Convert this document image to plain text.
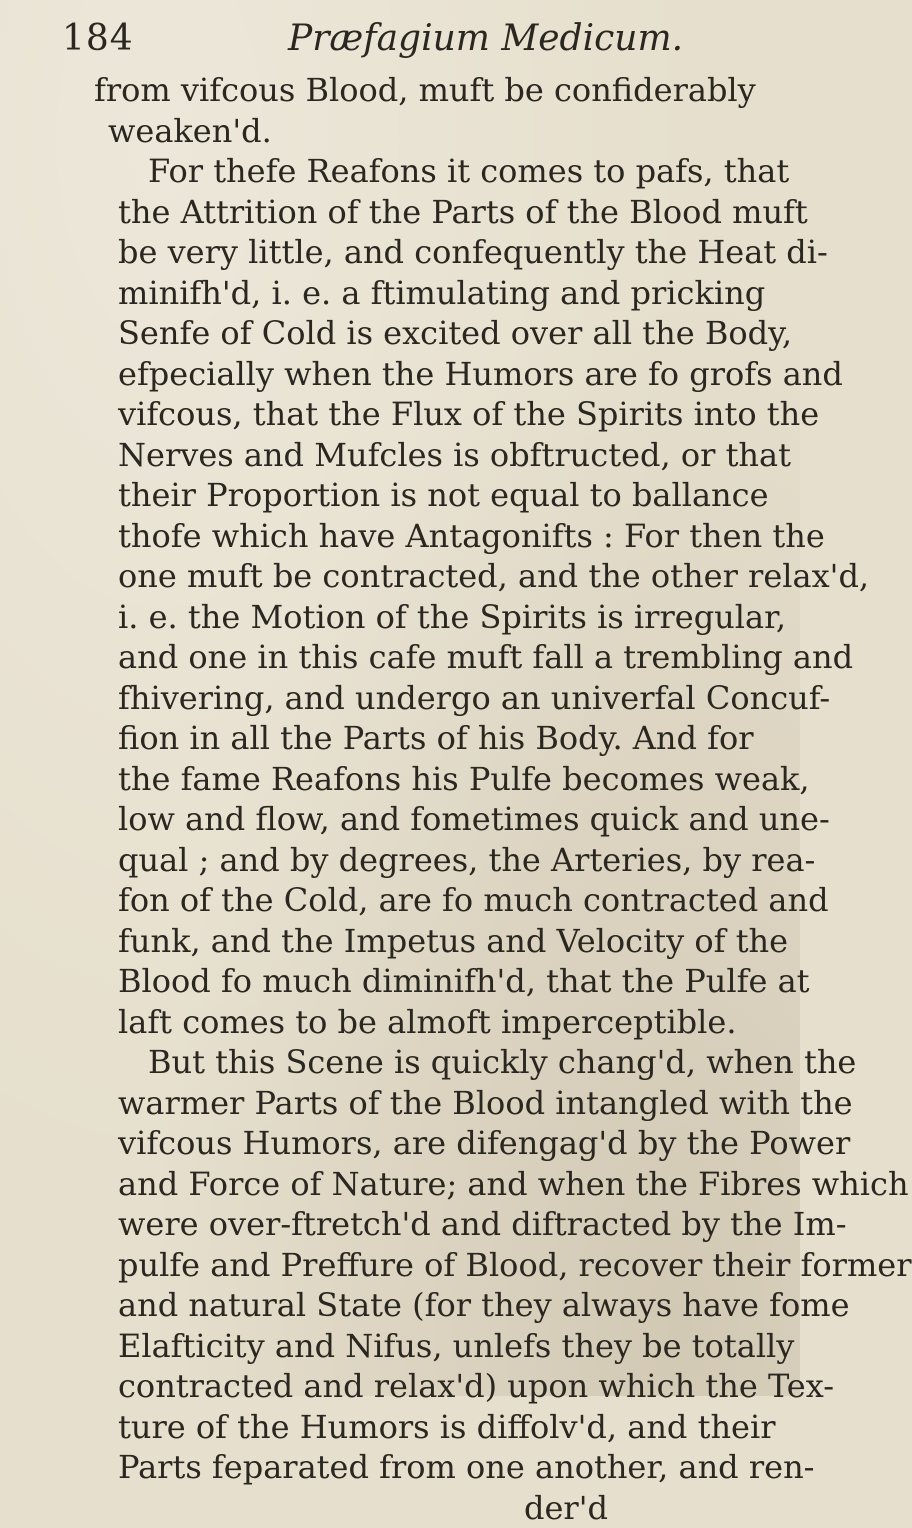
184	Præfagium Medicum.
from vifcous Blood, muft be confiderably
weaken'd.
For thefe Reafons it comes to pafs, that
the Attrition of the Parts of the Blood muft
be very little, and confequently the Heat di-
minifh'd, i. e. a ftimulating and pricking
Senfe of Cold is excited over all the Body,
efpecially when the Humors are fo grofs and
vifcous, that the Flux of the Spirits into the
Nerves and Mufcles is obftructed, or that
their Proportion is not equal to ballance
thofe which have Antagonifts : For then the
one muft be contracted, and the other relax'd,
i. e. the Motion of the Spirits is irregular,
and one in this cafe muft fall a trembling and
fhivering, and undergo an univerfal Concuf-
fion in all the Parts of his Body. And for
the fame Reafons his Pulfe becomes weak,
low and flow, and fometimes quick and une-
qual ; and by degrees, the Arteries, by rea-
fon of the Cold, are fo much contracted and
funk, and the Impetus and Velocity of the
Blood fo much diminifh'd, that the Pulfe at
laft comes to be almoft imperceptible.
But this Scene is quickly chang'd, when the
warmer Parts of the Blood intangled with the
vifcous Humors, are difengag'd by the Power
and Force of Nature; and when the Fibres which
were over-ftretch'd and diftracted by the Im-
pulfe and Preffure of Blood, recover their former
and natural State (for they always have fome
Elafticity and Nifus, unlefs they be totally
contracted and relax'd) upon which the Tex-
ture of the Humors is diffolv'd, and their
Parts feparated from one another, and ren-
der'd
